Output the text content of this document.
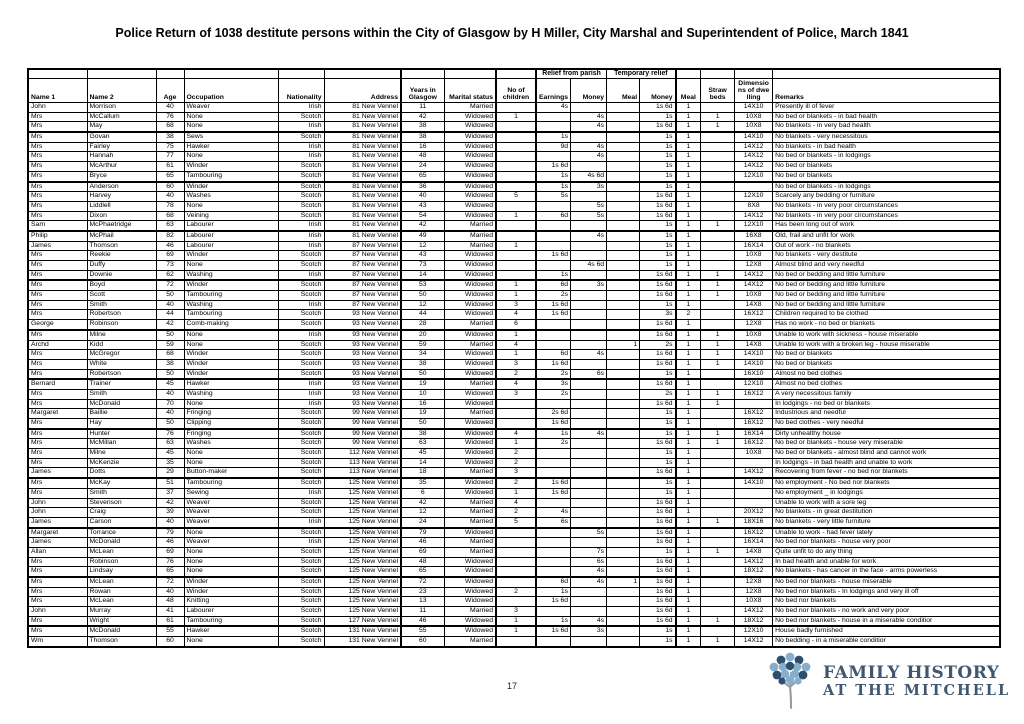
Police Return of 1038 destitute persons within the City of Glasgow by H Miller, City Marshal and Superintendent of Police, March 1841
									Relief from parish		Temporary relief					
Name 1	Name 2	Age	Occupation	Nationality	Address	Years in Glasgow	Marital status	No of children	Earnings	Money	Meal	Money	Meal	Straw beds	Dimensions of dwelling	Remarks
John	Morrison	40	Weaver	Irish	81 New Vennel	11	Married		4s			1s 6d	1		14X10	Presently ill of fever
Mrs	McCallum	76	None	Scotch	81 New Vennel	42	Widowed	1		4s		1s	1	1	10X8	No bed or blankets - in bad health
Mrs	May	68	None	Irish	81 New Vennel	38	Widowed			4s		1s 6d	1	1	10X8	No blankets - in very bad health
Mrs	Govan	38	Sews	Scotch	81 New Vennel	38	Widowed		1s			1s	1		14X10	No blankets - very necessitous
Mrs	Fairley	75	Hawker	Irish	81 New Vennel	16	Widowed		9d	4s		1s	1		14X12	No blankets - in bad health
Mrs	Hannah	77	None	Irish	81 New Vennel	48	Widowed			4s		1s	1		14X12	No bed or blankets - in lodgings
Mrs	McArthur	61	Winder	Scotch	81 New Vennel	24	Widowed		1s 6d			1s	1		14X12	No bed or blankets
Mrs	Bryce	65	Tambouring	Scotch	81 New Vennel	65	Widowed		1s	4s 6d		1s	1		12X10	No bed or blankets
Mrs	Anderson	60	Winder	Scotch	81 New Vennel	36	Widowed		1s	3s		1s	1			No bed or blankets - in lodgings
Mrs	Harvey	40	Washes	Scotch	81 New Vennel	40	Widowed	5	5s			1s 6d	1		12X10	Scarcely any bedding or furniture
Mrs	Liddlell	78	None	Scotch	81 New Vennel	43	Widowed			5s		1s 6d	1		8X8	No blankets - in very poor circumstances
Mrs	Dixon	68	Veining	Scotch	81 New Vennel	54	Widowed	1	6d	5s		1s 6d	1		14X12	No blankets - in very poor circumstances
Sam	McPhaetridge	63	Labourer	Irish	81 New Vennel	42	Married					1s	1	1	12X10	Has been long out of work
Philip	McPhail	82	Labourer	Irish	81 New Vennel	49	Married			4s		1s	1		16X8	Old, frail and unfit for work
James	Thomson	46	Labourer	Irish	87 New Vennel	12	Married	1				1s	1		16X14	Out of work - no blankets
Mrs	Reekie	69	Winder	Scotch	87 New Vennel	43	Widowed		1s 6d			1s	1		10X8	No blankets - very destitute
Mrs	Duffy	73	None	Scotch	87 New Vennel	73	Widowed			4s 6d		1s	1		12X8	Almost blind and very needful
Mrs	Downie	62	Washing	Irish	87 New Vennel	14	Widowed		1s			1s 6d	1	1	14X12	No bed or bedding and little furniture
Mrs	Boyd	72	Winder	Scotch	87 New Vennel	53	Widowed	1	6d	3s		1s 6d	1	1	14X12	No bed or bedding and little furniture
Mrs	Scott	50	Tambouring	Scotch	87 New Vennel	50	Widowed	1	2s			1s 6d	1	1	10X8	No bed or bedding and little furniture
Mrs	Smith	40	Washing	Irish	87 New Vennel	12	Widowed	3	1s 6d			1s	1		14X8	No bed or bedding and little furniture
Mrs	Robertson	44	Tambouring	Scotch	93 New Vennel	44	Widowed	4	1s 6d			3s	2		16X12	Children required to be clothed
George	Robinson	42	Comb-making	Scotch	93 New Vennel	28	Married	6				1s 6d	1		12X8	Has no work - no bed or blankets
Mrs	Milne	50	None	Irish	93 New Vennel	20	Widowed	1				1s 6d	1	1	10X8	Unable to work with sickness - house miserable
Archd	Kidd	59	None	Scotch	93 New Vennel	59	Married	4			1	2s	1	1	14X8	Unable to work with a broken leg - house miserable
Mrs	McGregor	68	Winder	Scotch	93 New Vennel	34	Widowed	1	6d	4s		1s 6d	1	1	14X10	No bed or blankets
Mrs	White	38	Winder	Scotch	93 New Vennel	38	Widowed	3	1s 6d			1s 6d	1	1	14X10	No bed or blankets
Mrs	Robertson	50	Winder	Scotch	93 New Vennel	50	Widowed	2	2s	6s		1s	1		16X10	Almost no bed clothes
Bernard	Trainer	45	Hawker	Irish	93 New Vennel	19	Married	4	3s			1s 6d	1		12X10	Almost no bed clothes
Mrs	Smith	40	Washing	Irish	93 New Vennel	10	Widowed	3	2s			2s	1	1	16X12	A very necessitous family
Mrs	McDonald	70	None	Irish	93 New Vennel	16	Widowed					1s 6d	1	1		In lodgings - no bed or blankets
Margaret	Baillie	40	Fringing	Scotch	99 New Vennel	19	Married		2s 6d			1s	1		16X12	Industrious and needful
Mrs	Hay	50	Clipping	Scotch	99 New Vennel	50	Widowed		1s 6d			1s	1		16X12	No bed clothes - very needful
Mrs	Hunter	76	Fringing	Scotch	99 New Vennel	38	Widowed	4	1s	4s		1s	1	1	16X14	Dirty unhealthy house
Mrs	McMillan	63	Washes	Scotch	99 New Vennel	63	Widowed	1	2s			1s 6d	1	1	16X12	No bed or blankets - house very miserable
Mrs	Milne	45	None	Scotch	112 New Vennel	45	Widowed	2				1s	1		10X8	No bed or blankets - almost blind and cannot work
Mrs	McKenzie	35	None	Scotch	113 New Vennel	14	Widowed	2				1s	1			In lodgings - in bad health and unable to work
James	Dotts	29	Button-maker	Scotch	113 New Vennel	18	Married	3				1s 6d	1		14X12	Recovering from fever - no bed nor blankets
Mrs	McKay	51	Tambouring	Scotch	125 New Vennel	35	Widowed	2	1s 6d			1s	1		14X10	No employment - No bed nor blankets
Mrs	Smith	37	Sewing	Irish	125 New Vennel	6	Widowed	1	1s 6d			1s	1			No employment _ in lodgings
John	Stevenson	42	Weaver	Scotch	125 New Vennel	42	Married	4				1s 6d	1			Unable to work with a sore leg
John	Craig	39	Weaver	Scotch	125 New Vennel	12	Married	2	4s			1s 6d	1		20X12	No blankets - in great destitution
James	Carson	40	Weaver	Irish	125 New Vennel	24	Married	5	6s			1s 6d	1	1	18X16	No blankets - very little furniture
Margaret	Torrance	79	None	Scotch	125 New Vennel	79	Widowed			5s		1s 6d	1		16X12	Unable to work - had fever lately
James	McDonald	46	Weaver	Irish	125 New Vennel	46	Married					1s 6d	1		16X14	No bed nor blankets - house very poor
Allan	McLean	69	None	Scotch	125 New Vennel	69	Married			7s		1s	1	1	14X8	Quite unfit to do any thing
Mrs	Robinson	76	None	Scotch	125 New Vennel	48	Widowed			6s		1s 6d	1		14X12	In bad health and unable for work
Mrs	Lindsay	65	None	Scotch	125 New Vennel	65	Widowed			4s		1s 6d	1		18X12	No blankets - has cancer in the face - arms powerless
Mrs	McLean	72	Winder	Scotch	125 New Vennel	72	Widowed		6d	4s	1	1s 6d	1		12X8	No bed nor blankets - house miserable
Mrs	Rowan	40	Winder	Scotch	125 New Vennel	23	Widowed	2	1s			1s 6d	1		12X8	No bed nor blankets - In lodgings and very ill off
Mrs	McLean	48	Knitting	Scotch	125 New Vennel	13	Widowed		1s 6d			1s 6d	1		10X8	No bed nor blankets
John	Murray	41	Labourer	Scotch	125 New Vennel	11	Married	3				1s 6d	1		14X12	No bed nor blankets - no work and very poor
Mrs	Wright	61	Tambouring	Scotch	127 New Vennel	46	Widowed	1	1s	4s		1s 6d	1	1	18X12	No bed nor blankets - house in a miserable conditior
Mrs	McDonald	55	Hawker	Scotch	131 New Vennel	55	Widowed	1	1s 6d	3s		1s	1		12X10	House badly furnished
Wm	Thomson	60	None	Scotch	131 New Vennel	60	Married					1s	1	1	14X12	No bedding - in a miserable conditior
17
FAMILY HISTORY
AT THE MITCHELL
